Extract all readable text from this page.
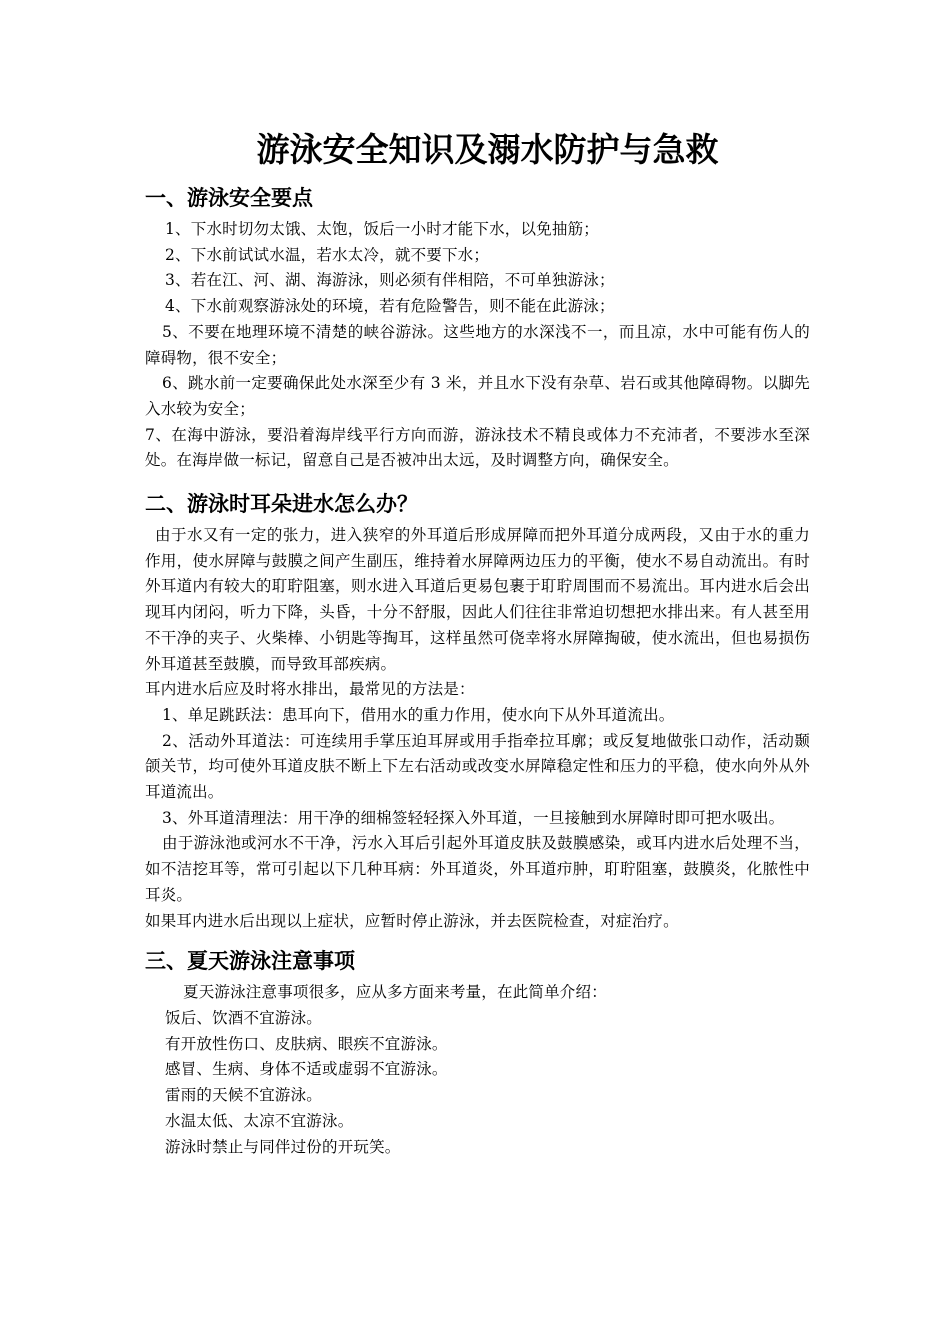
游泳安全知识及溺水防护与急救
一、游泳安全要点

1、下水时切勿太饿、太饱，饭后一小时才能下水，以免抽筋；

2、下水前试试水温，若水太冷，就不要下水；

3、若在江、河、湖、海游泳，则必须有伴相陪，不可单独游泳；

4、下水前观察游泳处的环境，若有危险警告，则不能在此游泳；

5、不要在地理环境不清楚的峡谷游泳。这些地方的水深浅不一，而且凉，水中可能有伤人的障碍物，很不安全；

6、跳水前一定要确保此处水深至少有 3 米，并且水下没有杂草、岩石或其他障碍物。以脚先入水较为安全；

7、在海中游泳，要沿着海岸线平行方向而游，游泳技术不精良或体力不充沛者，不要涉水至深处。在海岸做一标记，留意自己是否被冲出太远，及时调整方向，确保安全。

二、游泳时耳朵进水怎么办？

由于水又有一定的张力，进入狭窄的外耳道后形成屏障而把外耳道分成两段，又由于水的重力作用，使水屏障与鼓膜之间产生副压，维持着水屏障两边压力的平衡，使水不易自动流出。有时外耳道内有较大的耵聍阻塞，则水进入耳道后更易包裹于耵聍周围而不易流出。耳内进水后会出现耳内闭闷，听力下降，头昏，十分不舒服，因此人们往往非常迫切想把水排出来。有人甚至用不干净的夹子、火柴棒、小钥匙等掏耳，这样虽然可侥幸将水屏障掏破，使水流出，但也易损伤外耳道甚至鼓膜，而导致耳部疾病。

耳内进水后应及时将水排出，最常见的方法是：

1、单足跳跃法：患耳向下，借用水的重力作用，使水向下从外耳道流出。

2、活动外耳道法：可连续用手掌压迫耳屏或用手指牵拉耳廓；或反复地做张口动作，活动颞颌关节，均可使外耳道皮肤不断上下左右活动或改变水屏障稳定性和压力的平稳，使水向外从外耳道流出。

3、外耳道清理法：用干净的细棉签轻轻探入外耳道，一旦接触到水屏障时即可把水吸出。

由于游泳池或河水不干净，污水入耳后引起外耳道皮肤及鼓膜感染，或耳内进水后处理不当，如不洁挖耳等，常可引起以下几种耳病：外耳道炎，外耳道疖肿，耵聍阻塞，鼓膜炎，化脓性中耳炎。

如果耳内进水后出现以上症状，应暂时停止游泳，并去医院检查，对症治疗。

三、夏天游泳注意事项

夏天游泳注意事项很多，应从多方面来考量，在此简单介绍：

饭后、饮酒不宜游泳。

有开放性伤口、皮肤病、眼疾不宜游泳。

感冒、生病、身体不适或虚弱不宜游泳。

雷雨的天候不宜游泳。

水温太低、太凉不宜游泳。

游泳时禁止与同伴过份的开玩笑。
